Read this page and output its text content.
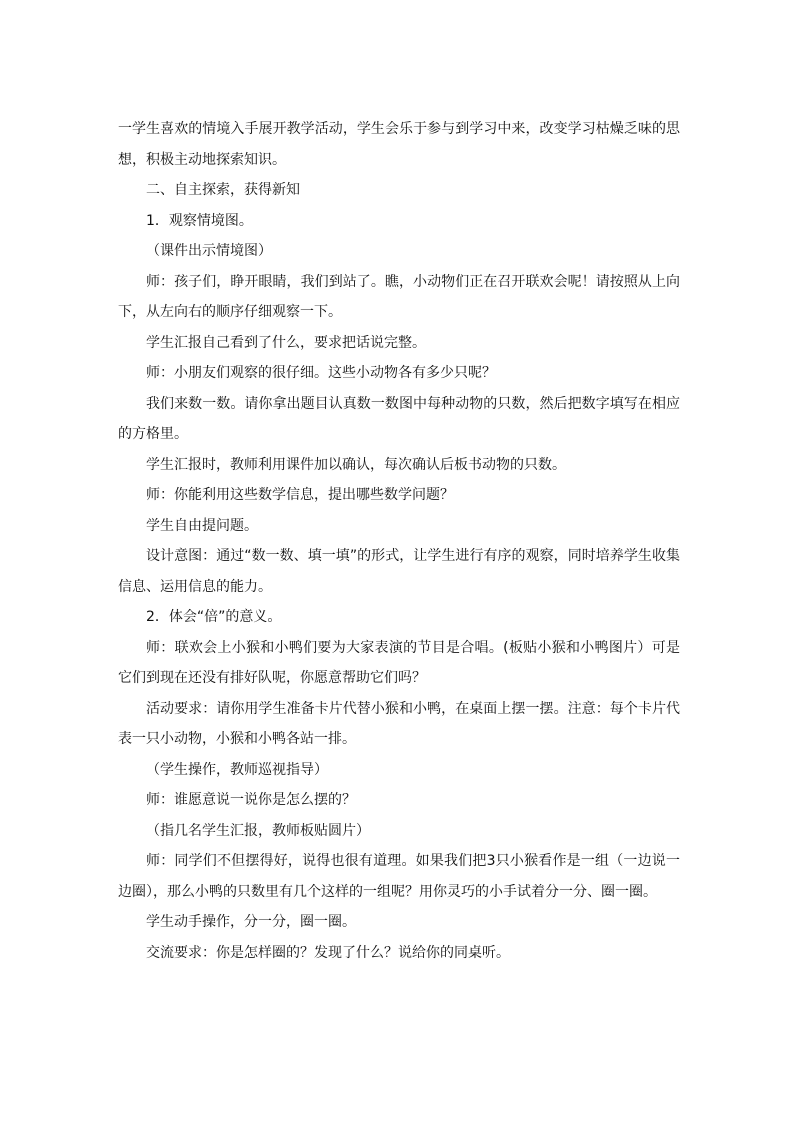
一学生喜欢的情境入手展开教学活动，学生会乐于参与到学习中来，改变学习枯燥乏味的思想，积极主动地探索知识。

二、自主探索，获得新知

1．观察情境图。

（课件出示情境图）

师：孩子们，睁开眼睛，我们到站了。瞧，小动物们正在召开联欢会呢！请按照从上向下，从左向右的顺序仔细观察一下。

学生汇报自己看到了什么，要求把话说完整。

师：小朋友们观察的很仔细。这些小动物各有多少只呢？

我们来数一数。请你拿出题目认真数一数图中每种动物的只数，然后把数字填写在相应的方格里。

学生汇报时，教师利用课件加以确认，每次确认后板书动物的只数。

师：你能利用这些数学信息，提出哪些数学问题？

学生自由提问题。

设计意图：通过“数一数、填一填”的形式，让学生进行有序的观察，同时培养学生收集信息、运用信息的能力。

2．体会“倍”的意义。

师：联欢会上小猴和小鸭们要为大家表演的节目是合唱。(板贴小猴和小鸭图片）可是它们到现在还没有排好队呢，你愿意帮助它们吗？

活动要求：请你用学生准备卡片代替小猴和小鸭，在桌面上摆一摆。注意：每个卡片代表一只小动物，小猴和小鸭各站一排。

（学生操作，教师巡视指导）

师：谁愿意说一说你是怎么摆的？

（指几名学生汇报，教师板贴圆片）

师：同学们不但摆得好，说得也很有道理。如果我们把3只小猴看作是一组（一边说一边圈），那么小鸭的只数里有几个这样的一组呢？用你灵巧的小手试着分一分、圈一圈。

学生动手操作，分一分，圈一圈。

交流要求：你是怎样圈的？发现了什么？说给你的同桌听。
